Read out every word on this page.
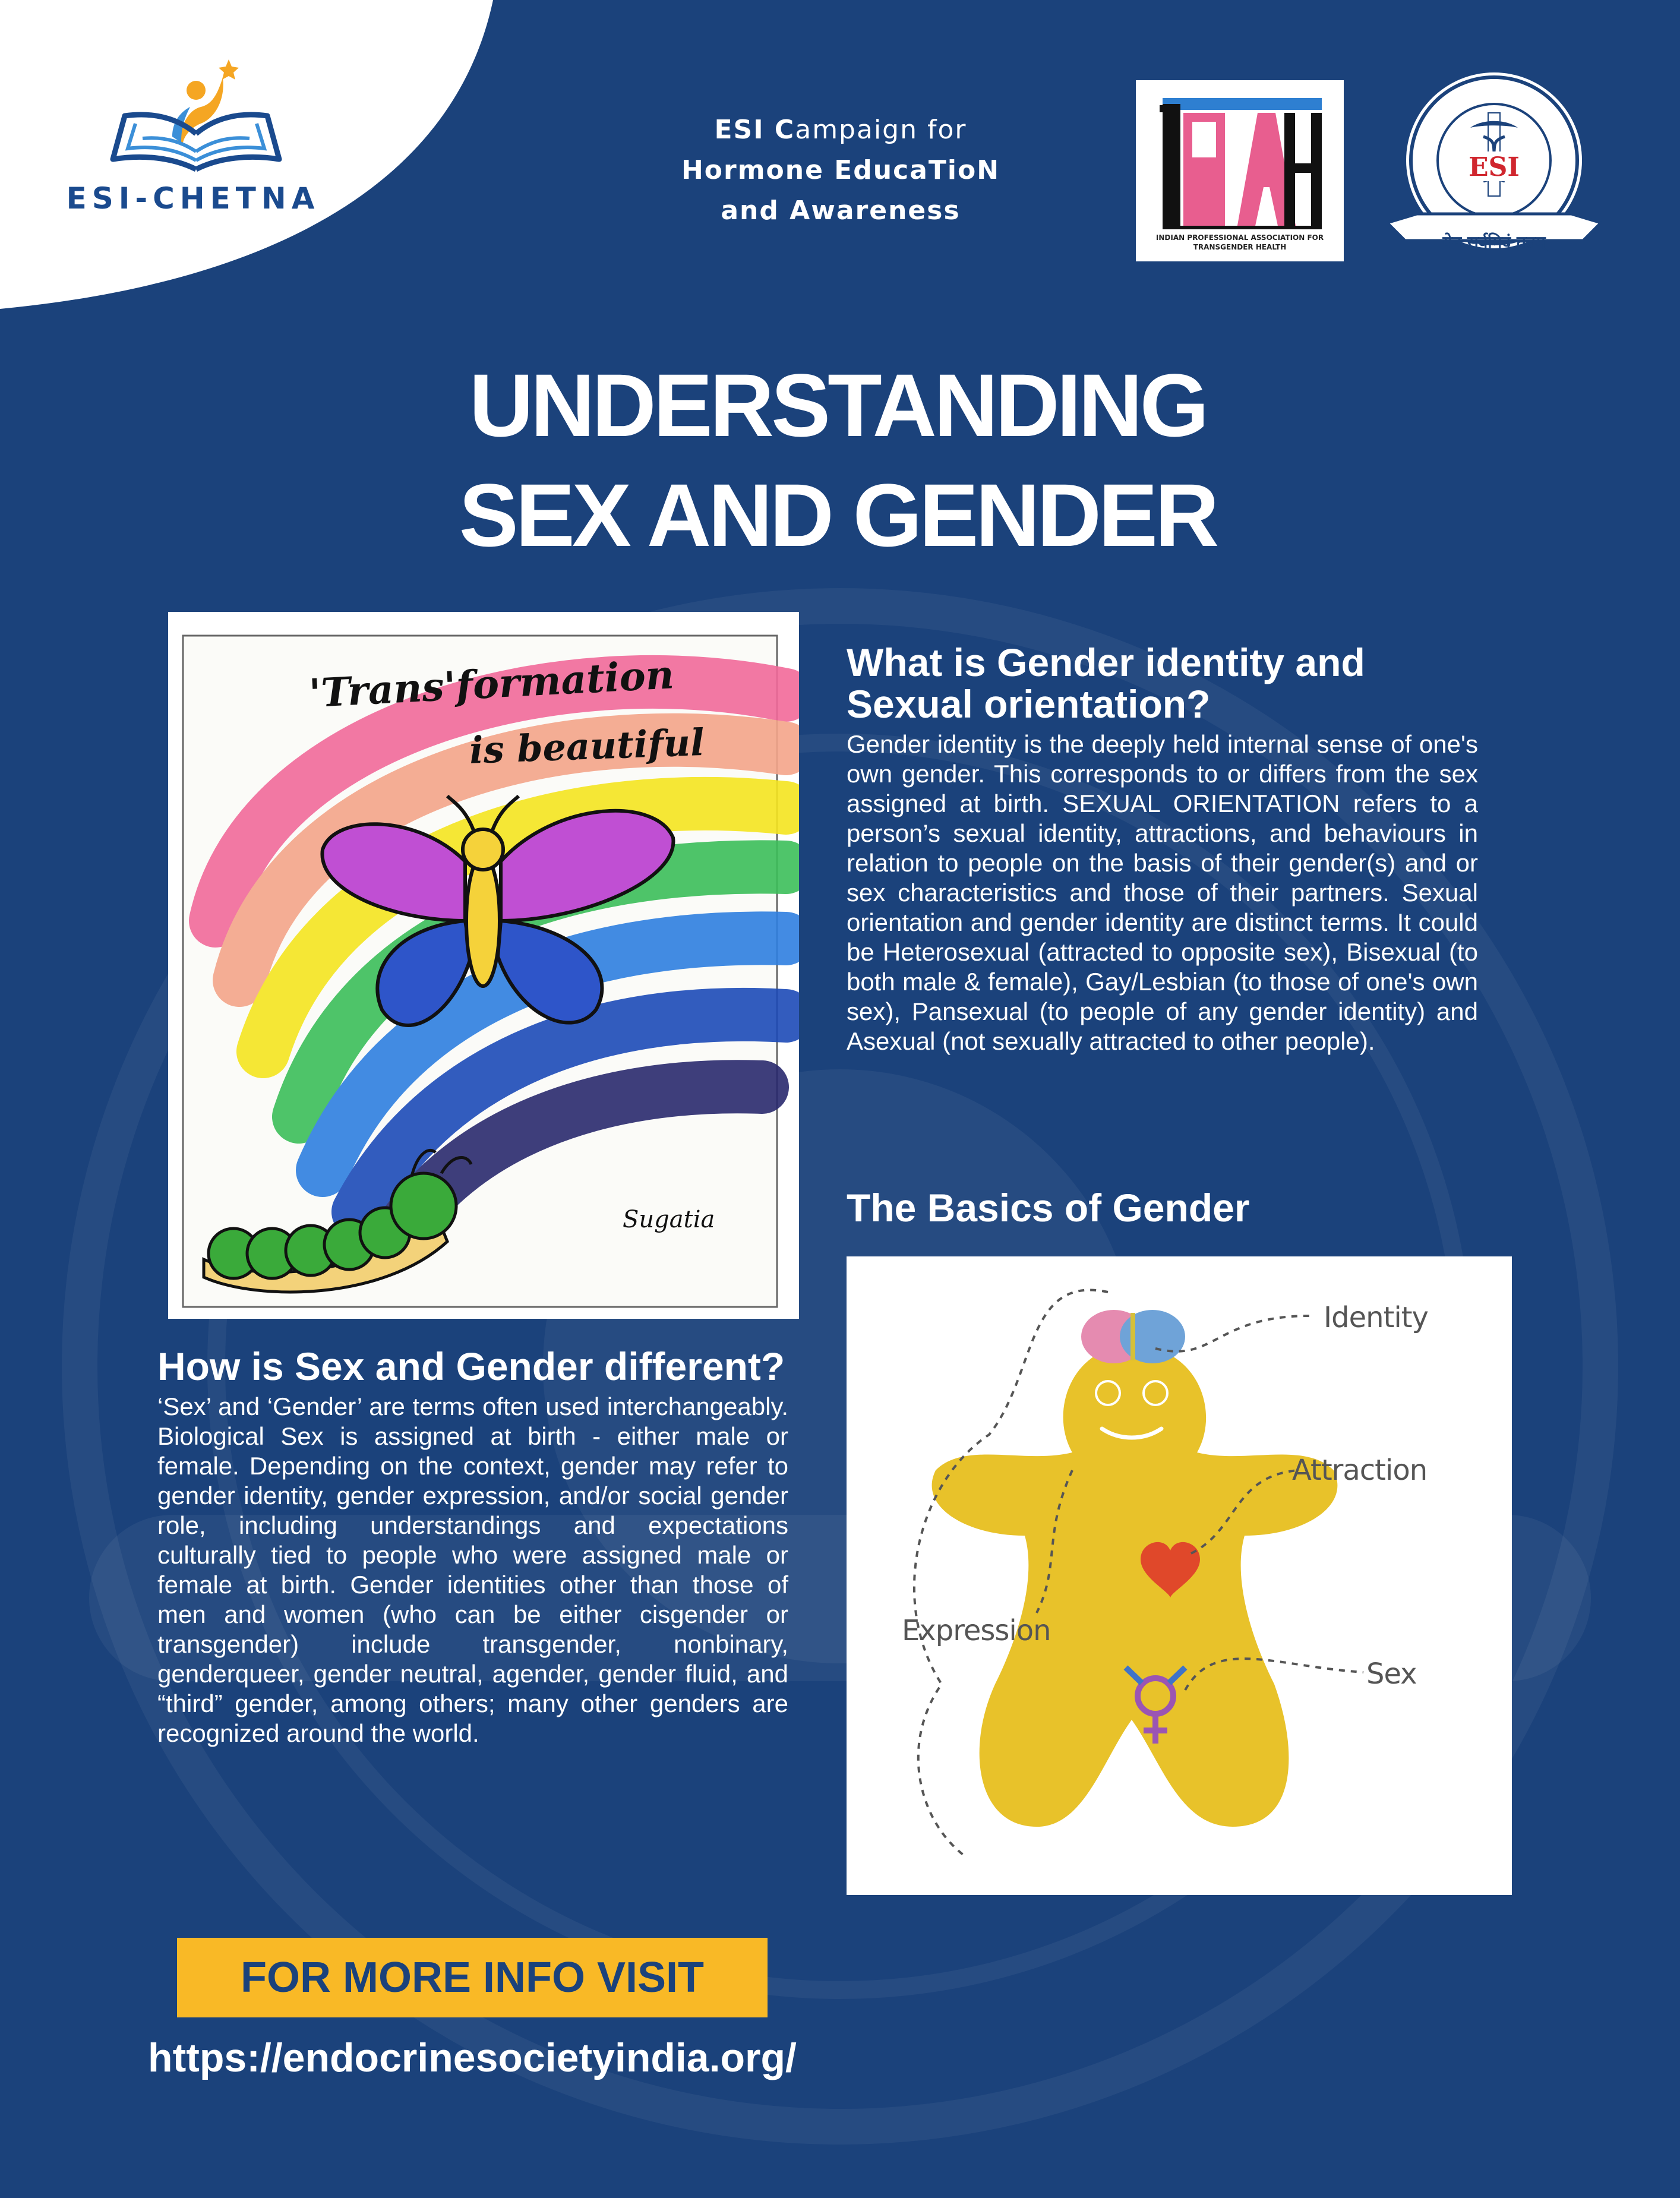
ESI-CHETNA
ESI Campaign for
Hormone EducaTioN
and Awareness
INDIAN PROFESSIONAL ASSOCIATION FOR TRANSGENDER HEALTH
ESI
येन सर्वमिदं ततम्
UNDERSTANDING
SEX AND GENDER
'Trans'formation
is beautiful
Sugatia
What is Gender identity and Sexual orientation?

Gender identity is the deeply held internal sense of one's own gender. This corresponds to or differs from the sex assigned at birth. SEXUAL ORIENTATION refers to a person’s sexual identity, attractions, and behaviours in relation to people on the basis of their gender(s) and or sex characteristics and those of their partners. Sexual orientation and gender identity are distinct terms. It could be Heterosexual (attracted to opposite sex), Bisexual (to both male & female), Gay/Lesbian (to those of one's own sex), Pansexual (to people of any gender identity) and Asexual (not sexually attracted to other people).

The Basics of Gender
Identity
Attraction
Expression
Sex
How is Sex and Gender different?

‘Sex’ and ‘Gender’ are terms often used interchangeably. Biological Sex is assigned at birth - either male or female. Depending on the context, gender may refer to gender identity, gender expression, and/or social gender role, including understandings and expectations culturally tied to people who were assigned male or female at birth. Gender identities other than those of men and women (who can be either cisgender or transgender) include transgender, nonbinary, genderqueer, gender neutral, agender, gender fluid, and “third” gender, among others; many other genders are recognized around the world.

FOR MORE INFO VISIT
https://endocrinesocietyindia.org/
